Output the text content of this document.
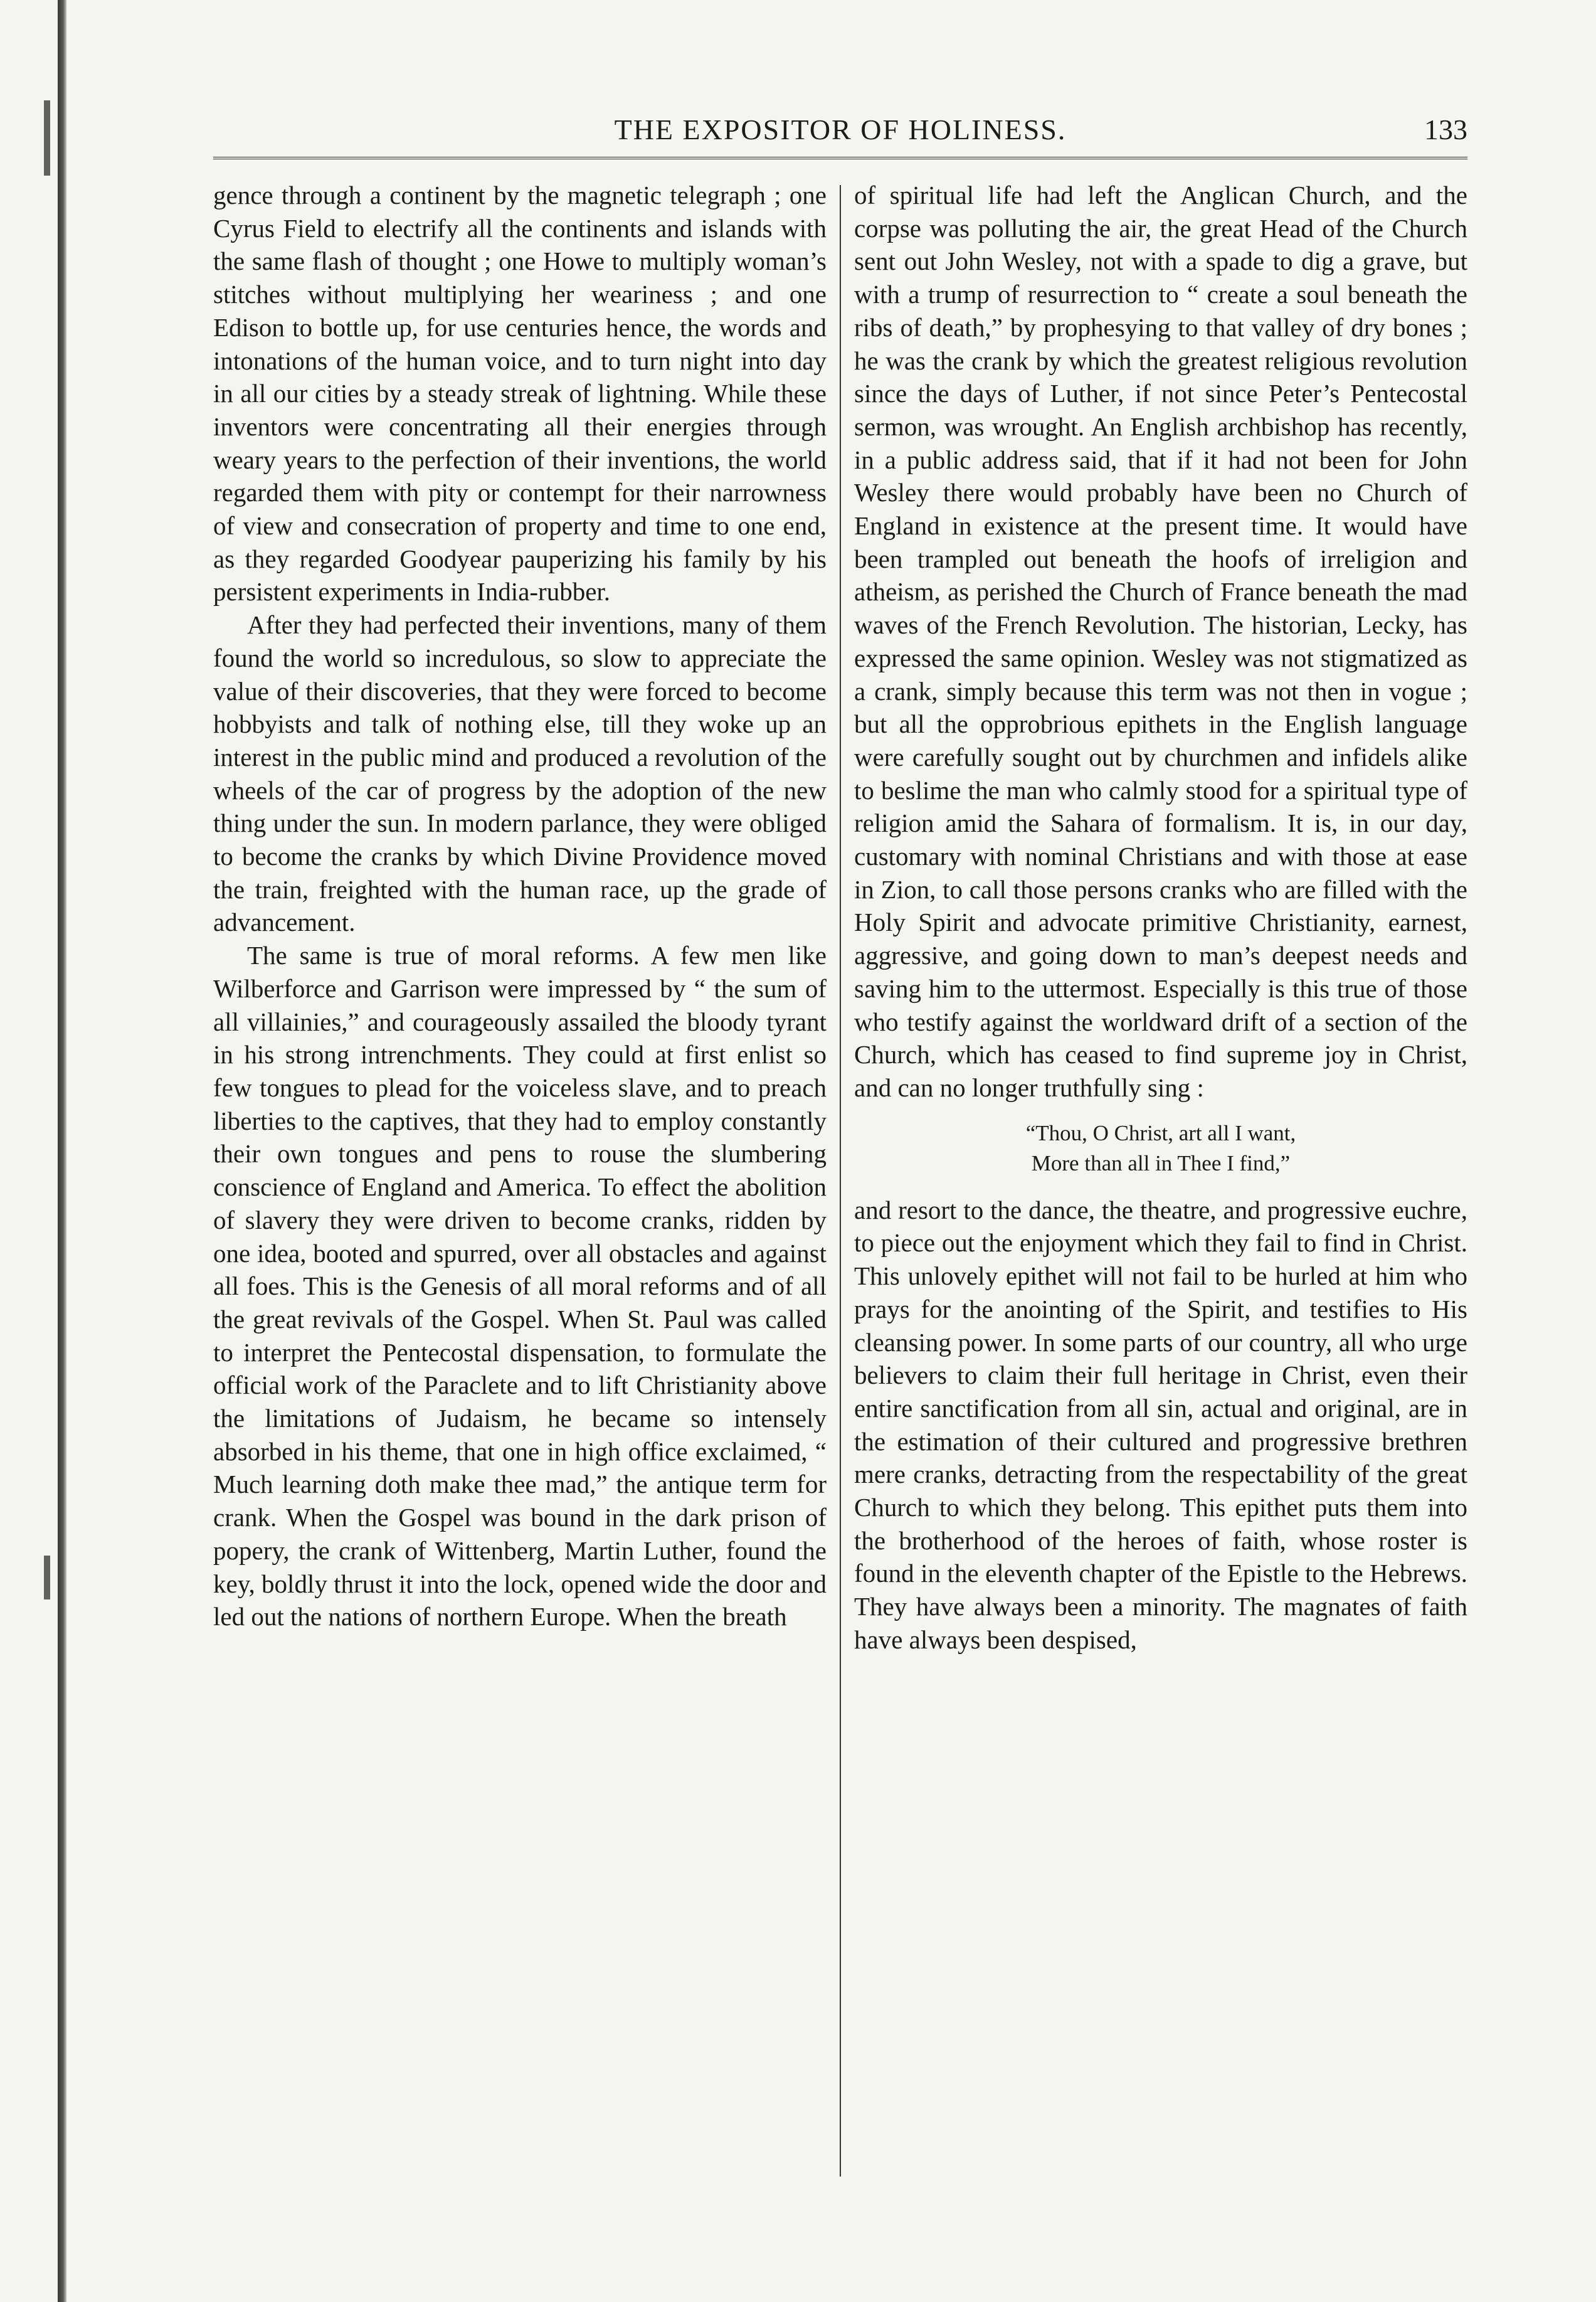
THE EXPOSITOR OF HOLINESS.	133

gence through a continent by the magnetic telegraph ; one Cyrus Field to electrify all the continents and islands with the same flash of thought ; one Howe to multiply woman’s stitches without multiplying her weariness ; and one Edison to bottle up, for use centuries hence, the words and intonations of the human voice, and to turn night into day in all our cities by a steady streak of lightning. While these inventors were concentrating all their energies through weary years to the perfection of their inventions, the world regarded them with pity or contempt for their narrowness of view and consecration of property and time to one end, as they regarded Goodyear pauperizing his family by his persistent experiments in India-rubber.

After they had perfected their inventions, many of them found the world so incredulous, so slow to appreciate the value of their discoveries, that they were forced to become hobbyists and talk of nothing else, till they woke up an interest in the public mind and produced a revolution of the wheels of the car of progress by the adoption of the new thing under the sun. In modern parlance, they were obliged to become the cranks by which Divine Providence moved the train, freighted with the human race, up the grade of advancement.

The same is true of moral reforms. A few men like Wilberforce and Garrison were impressed by “ the sum of all villainies,” and courageously assailed the bloody tyrant in his strong intrenchments. They could at first enlist so few tongues to plead for the voiceless slave, and to preach liberties to the captives, that they had to employ constantly their own tongues and pens to rouse the slumbering conscience of England and America. To effect the abolition of slavery they were driven to become cranks, ridden by one idea, booted and spurred, over all obstacles and against all foes. This is the Genesis of all moral reforms and of all the great revivals of the Gospel. When St. Paul was called to interpret the Pentecostal dispensation, to formulate the official work of the Paraclete and to lift Christianity above the limitations of Judaism, he became so intensely absorbed in his theme, that one in high office exclaimed, “ Much learning doth make thee mad,” the antique term for crank. When the Gospel was bound in the dark prison of popery, the crank of Wittenberg, Martin Luther, found the key, boldly thrust it into the lock, opened wide the door and led out the nations of northern Europe. When the breath

of spiritual life had left the Anglican Church, and the corpse was polluting the air, the great Head of the Church sent out John Wesley, not with a spade to dig a grave, but with a trump of resurrection to “ create a soul beneath the ribs of death,” by prophesying to that valley of dry bones ; he was the crank by which the greatest religious revolution since the days of Luther, if not since Peter’s Pentecostal sermon, was wrought. An English archbishop has recently, in a public address said, that if it had not been for John Wesley there would probably have been no Church of England in existence at the present time. It would have been trampled out beneath the hoofs of irreligion and atheism, as perished the Church of France beneath the mad waves of the French Revolution. The historian, Lecky, has expressed the same opinion. Wesley was not stigmatized as a crank, simply because this term was not then in vogue ; but all the opprobrious epithets in the English language were carefully sought out by churchmen and infidels alike to beslime the man who calmly stood for a spiritual type of religion amid the Sahara of formalism. It is, in our day, customary with nominal Christians and with those at ease in Zion, to call those persons cranks who are filled with the Holy Spirit and advocate primitive Christianity, earnest, aggressive, and going down to man’s deepest needs and saving him to the uttermost. Especially is this true of those who testify against the worldward drift of a section of the Church, which has ceased to find supreme joy in Christ, and can no longer truthfully sing :

“Thou, O Christ, art all I want,
More than all in Thee I find,”

and resort to the dance, the theatre, and progressive euchre, to piece out the enjoyment which they fail to find in Christ. This unlovely epithet will not fail to be hurled at him who prays for the anointing of the Spirit, and testifies to His cleansing power. In some parts of our country, all who urge believers to claim their full heritage in Christ, even their entire sanctification from all sin, actual and original, are in the estimation of their cultured and progressive brethren mere cranks, detracting from the respectability of the great Church to which they belong. This epithet puts them into the brotherhood of the heroes of faith, whose roster is found in the eleventh chapter of the Epistle to the Hebrews. They have always been a minority. The magnates of faith have always been despised,
